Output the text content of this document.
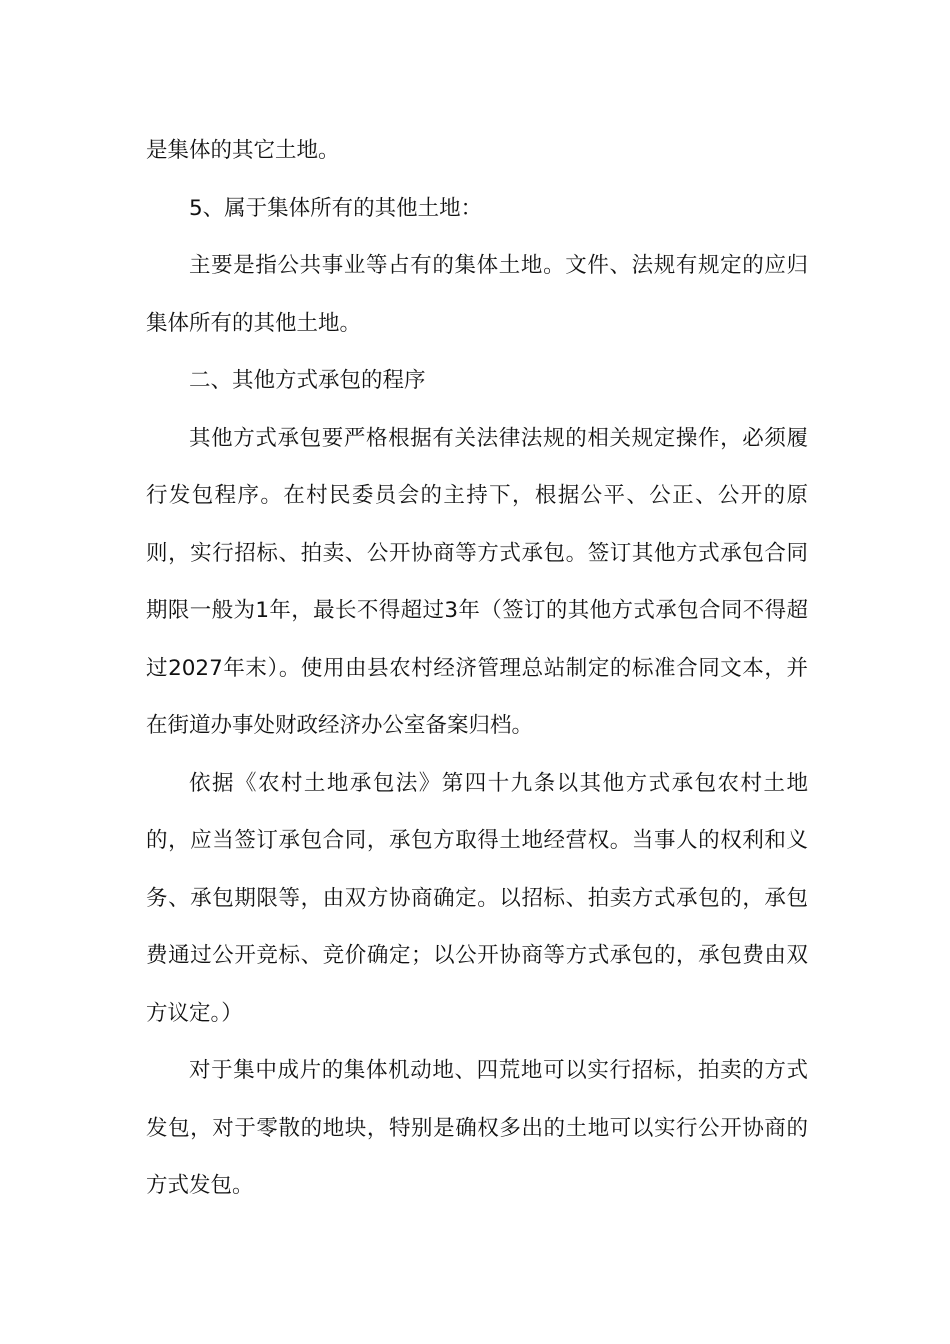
是集体的其它土地。

5、属于集体所有的其他土地：

主要是指公共事业等占有的集体土地。文件、法规有规定的应归集体所有的其他土地。

二、其他方式承包的程序

其他方式承包要严格根据有关法律法规的相关规定操作，必须履行发包程序。在村民委员会的主持下，根据公平、公正、公开的原则，实行招标、拍卖、公开协商等方式承包。签订其他方式承包合同期限一般为1年，最长不得超过3年（签订的其他方式承包合同不得超过2027年末）。使用由县农村经济管理总站制定的标准合同文本，并在街道办事处财政经济办公室备案归档。

依据《农村土地承包法》第四十九条以其他方式承包农村土地的，应当签订承包合同，承包方取得土地经营权。当事人的权利和义务、承包期限等，由双方协商确定。以招标、拍卖方式承包的，承包费通过公开竞标、竞价确定；以公开协商等方式承包的，承包费由双方议定。）

对于集中成片的集体机动地、四荒地可以实行招标，拍卖的方式发包，对于零散的地块，特别是确权多出的土地可以实行公开协商的方式发包。
